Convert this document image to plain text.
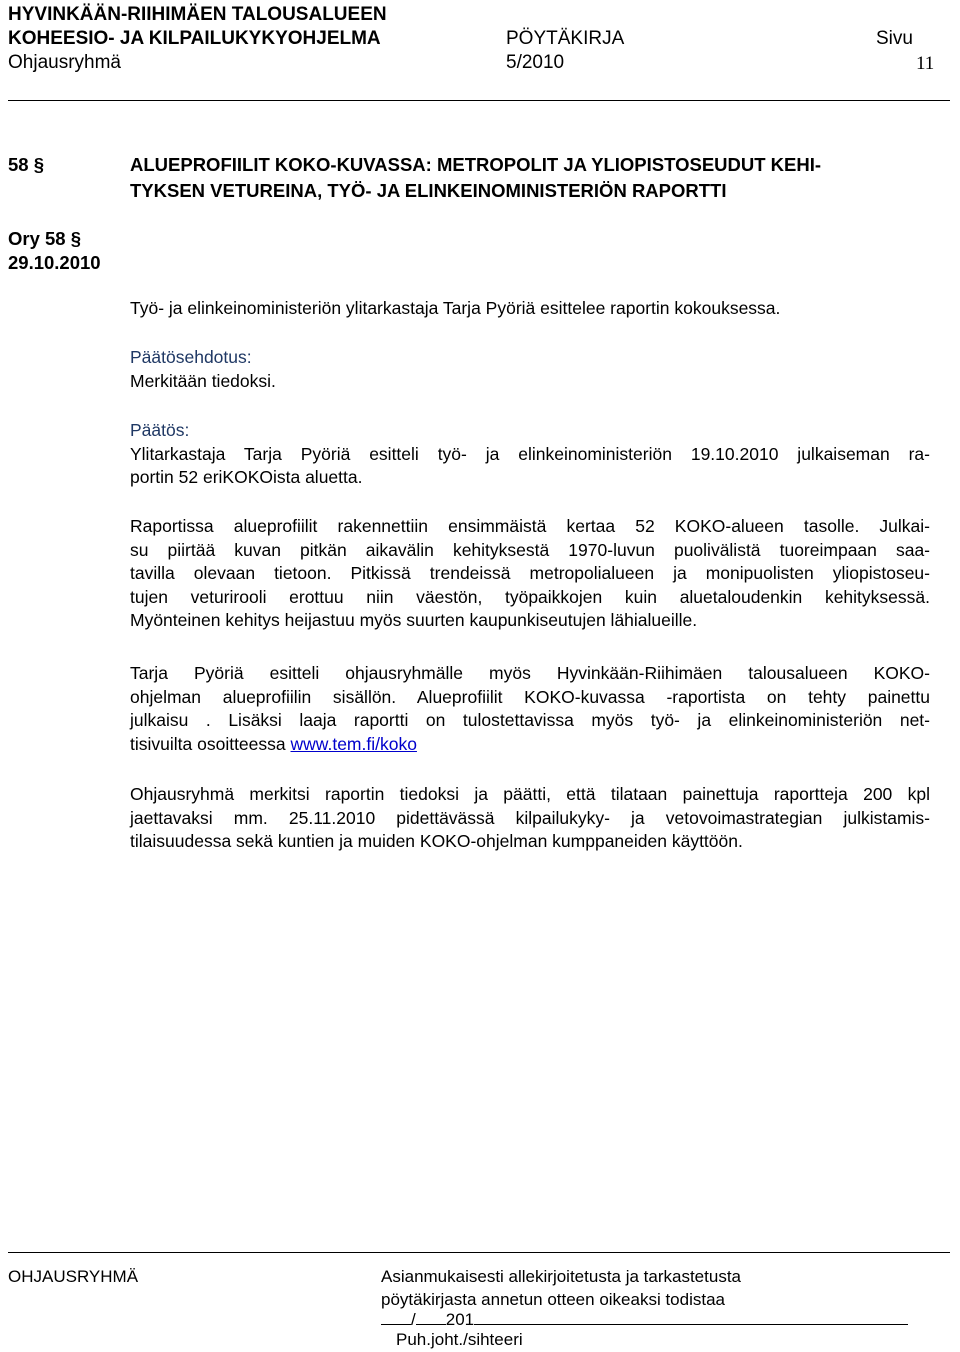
HYVINKÄÄN-RIIHIMÄEN TALOUSALUEEN
KOHEESIO- JA KILPAILUKYKYOHJELMA	PÖYTÄKIRJA	Sivu
Ohjausryhmä	5/2010	11
58 §	ALUEPROFIILIT KOKO-KUVASSA: METROPOLIT JA YLIOPISTOSEUDUT KEHI-
TYKSEN VETUREINA, TYÖ- JA ELINKEINOMINISTERIÖN RAPORTTI
Ory 58 §
29.10.2010
Työ- ja elinkeinoministeriön ylitarkastaja Tarja Pyöriä esittelee raportin kokouksessa.
Päätösehdotus:
Merkitään tiedoksi.
Päätös:
Ylitarkastaja Tarja Pyöriä esitteli työ- ja elinkeinoministeriön 19.10.2010 julkaiseman ra-
portin 52 eriKOKOista aluetta.
Raportissa alueprofiilit rakennettiin ensimmäistä kertaa 52 KOKO-alueen tasolle. Julkai-
su piirtää kuvan pitkän aikavälin kehityksestä 1970-luvun puolivälistä tuoreimpaan saa-
tavilla olevaan tietoon. Pitkissä trendeissä metropolialueen ja monipuolisten yliopistoseu-
tujen veturirooli erottuu niin väestön, työpaikkojen kuin aluetaloudenkin kehityksessä.
Myönteinen kehitys heijastuu myös suurten kaupunkiseutujen lähialueille.
Tarja Pyöriä esitteli ohjausryhmälle myös Hyvinkään-Riihimäen talousalueen KOKO-
ohjelman alueprofiilin sisällön. Alueprofiilit KOKO-kuvassa -raportista on tehty painettu
julkaisu . Lisäksi laaja raportti on tulostettavissa myös työ- ja elinkeinoministeriön net-
tisivuilta osoitteessa www.tem.fi/koko
Ohjausryhmä merkitsi raportin tiedoksi ja päätti, että tilataan painettuja raportteja 200 kpl
jaettavaksi mm. 25.11.2010 pidettävässä kilpailukyky- ja vetovoimastrategian julkistamis-
tilaisuudessa sekä kuntien ja muiden KOKO-ohjelman kumppaneiden käyttöön.
OHJAUSRYHMÄ	Asianmukaisesti allekirjoitetusta ja tarkastetusta
pöytäkirjasta annetun otteen oikeaksi todistaa
/ 201
Puh.joht./sihteeri
